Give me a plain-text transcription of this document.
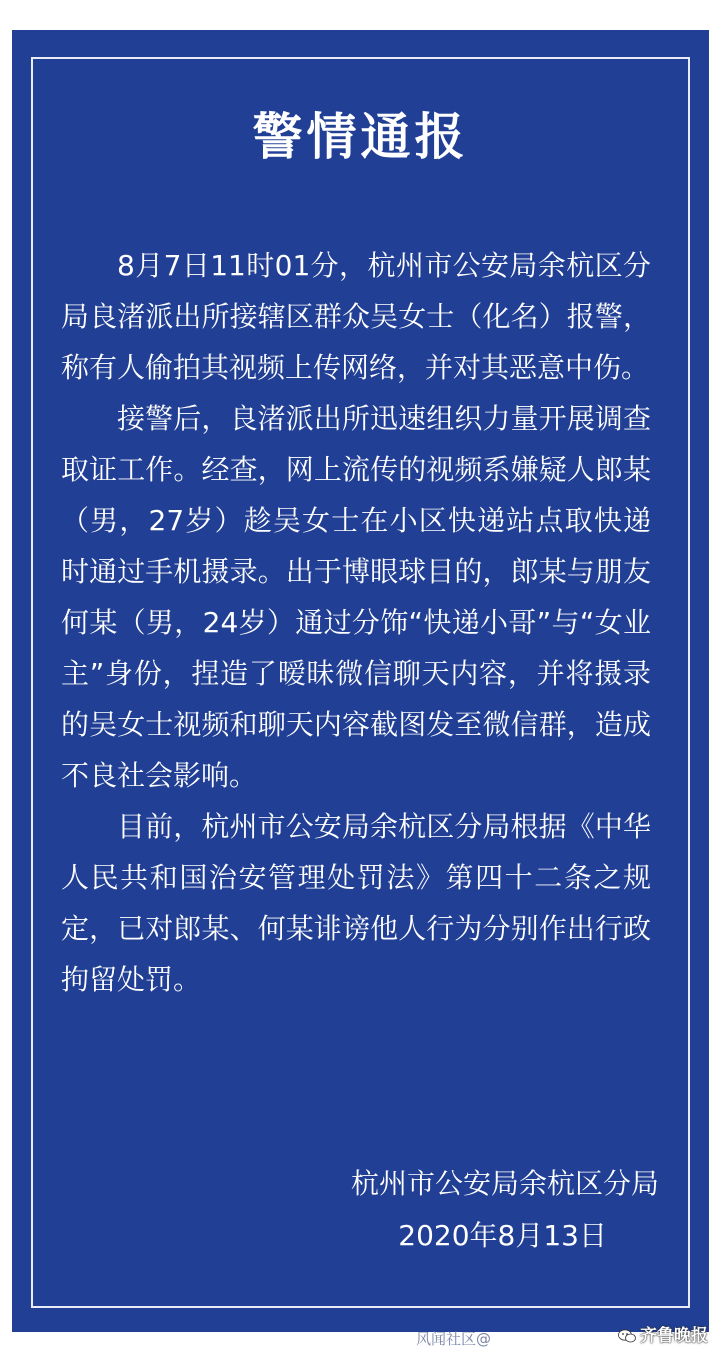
警情通报

8月7日11时01分，杭州市公安局余杭区分局良渚派出所接辖区群众吴女士（化名）报警，称有人偷拍其视频上传网络，并对其恶意中伤。

接警后，良渚派出所迅速组织力量开展调查取证工作。经查，网上流传的视频系嫌疑人郎某（男，27岁）趁吴女士在小区快递站点取快递时通过手机摄录。出于博眼球目的，郎某与朋友何某（男，24岁）通过分饰“快递小哥”与“女业主”身份，捏造了暧昧微信聊天内容，并将摄录的吴女士视频和聊天内容截图发至微信群，造成不良社会影响。

目前，杭州市公安局余杭区分局根据《中华人民共和国治安管理处罚法》第四十二条之规定，已对郎某、何某诽谤他人行为分别作出行政拘留处罚。

杭州市公安局余杭区分局
2020年8月13日
风闻社区@	齐鲁晚报
